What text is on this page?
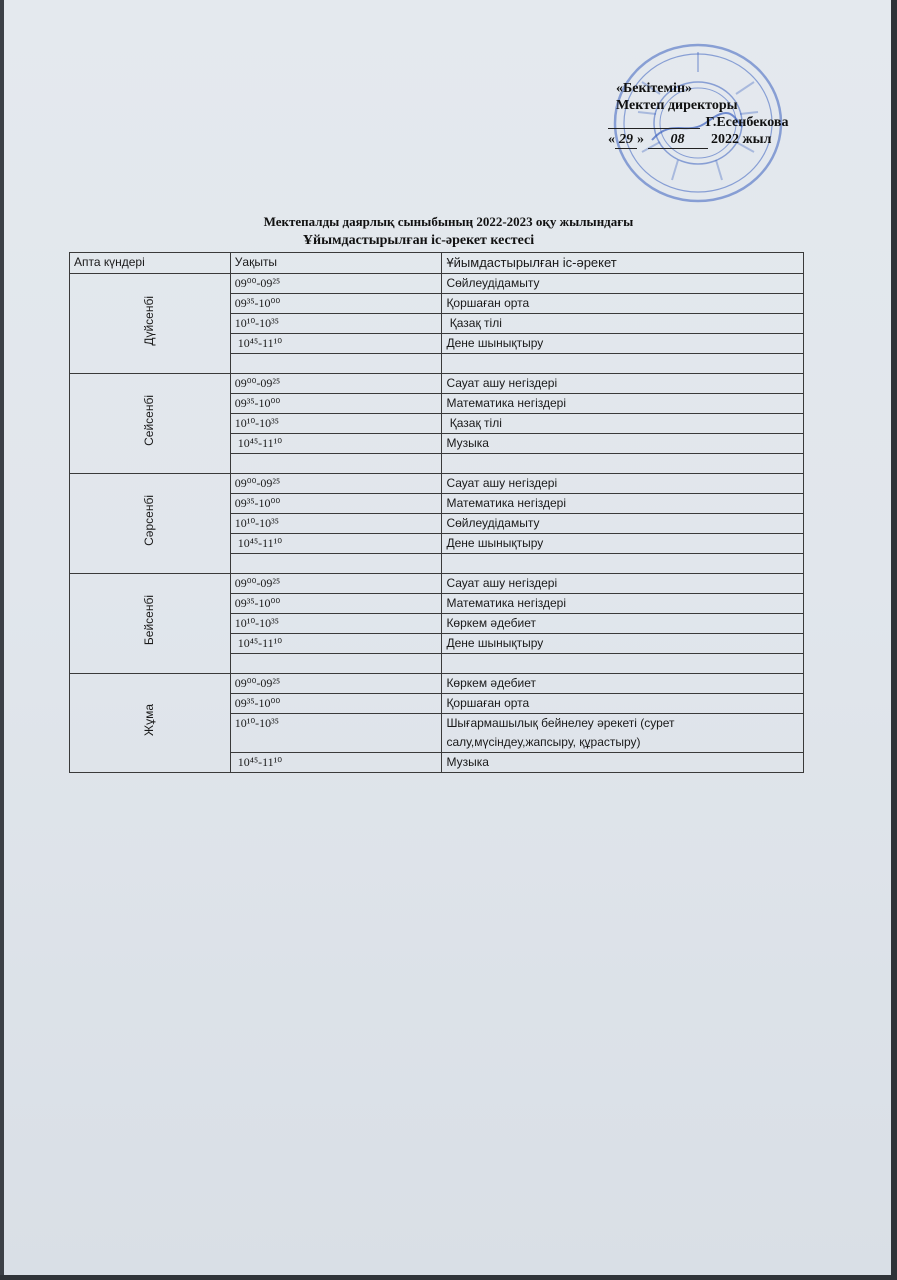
«Бекітемін»
Мектеп директоры
Г.Есенбекова
« 29 » 08 2022 жыл
Мектепалды даярлық сыныбының 2022-2023 оқу жылындағы
Ұйымдастырылған іс-әрекет кестесі
Апта күндері	Уақыты	Ұйымдастырылған іс-әрекет
Дүйсенбі	09⁰⁰-09²⁵	Сөйлеудідамыту
	09³⁵-10⁰⁰	Қоршаған орта
	10¹⁰-10³⁵	Қазақ тілі
	10⁴⁵-11¹⁰	Дене шынықтыру

Сейсенбі	09⁰⁰-09²⁵	Сауат ашу негіздері
	09³⁵-10⁰⁰	Математика негіздері
	10¹⁰-10³⁵	Қазақ тілі
	10⁴⁵-11¹⁰	Музыка

Сәрсенбі	09⁰⁰-09²⁵	Сауат ашу негіздері
	09³⁵-10⁰⁰	Математика негіздері
	10¹⁰-10³⁵	Сөйлеудідамыту
	10⁴⁵-11¹⁰	Дене шынықтыру

Бейсенбі	09⁰⁰-09²⁵	Сауат ашу негіздері
	09³⁵-10⁰⁰	Математика негіздері
	10¹⁰-10³⁵	Көркем әдебиет
	10⁴⁵-11¹⁰	Дене шынықтыру

Жұма	09⁰⁰-09²⁵	Көркем әдебиет
	09³⁵-10⁰⁰	Қоршаған орта
	10¹⁰-10³⁵	Шығармашылық бейнелеу әрекеті (сурет салу,мүсіндеу,жапсыру, құрастыру)
	10⁴⁵-11¹⁰	Музыка
